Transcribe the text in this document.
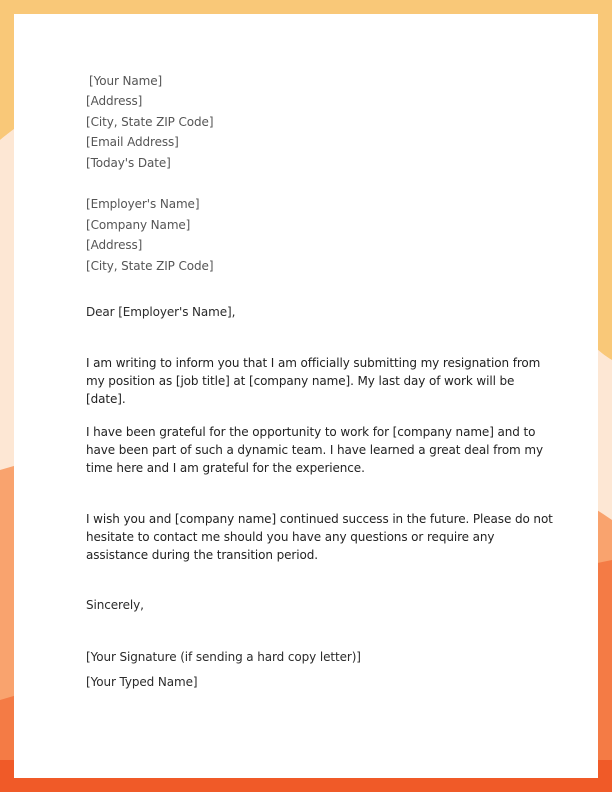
[Your Name]
[Address]
[City, State ZIP Code]
[Email Address]
[Today's Date]
[Employer's Name]
[Company Name]
[Address]
[City, State ZIP Code]
Dear [Employer's Name],
I am writing to inform you that I am officially submitting my resignation from my position as [job title] at [company name]. My last day of work will be [date].
I have been grateful for the opportunity to work for [company name] and to have been part of such a dynamic team. I have learned a great deal from my time here and I am grateful for the experience.
I wish you and [company name] continued success in the future. Please do not hesitate to contact me should you have any questions or require any assistance during the transition period.
Sincerely,
[Your Signature (if sending a hard copy letter)]
[Your Typed Name]
